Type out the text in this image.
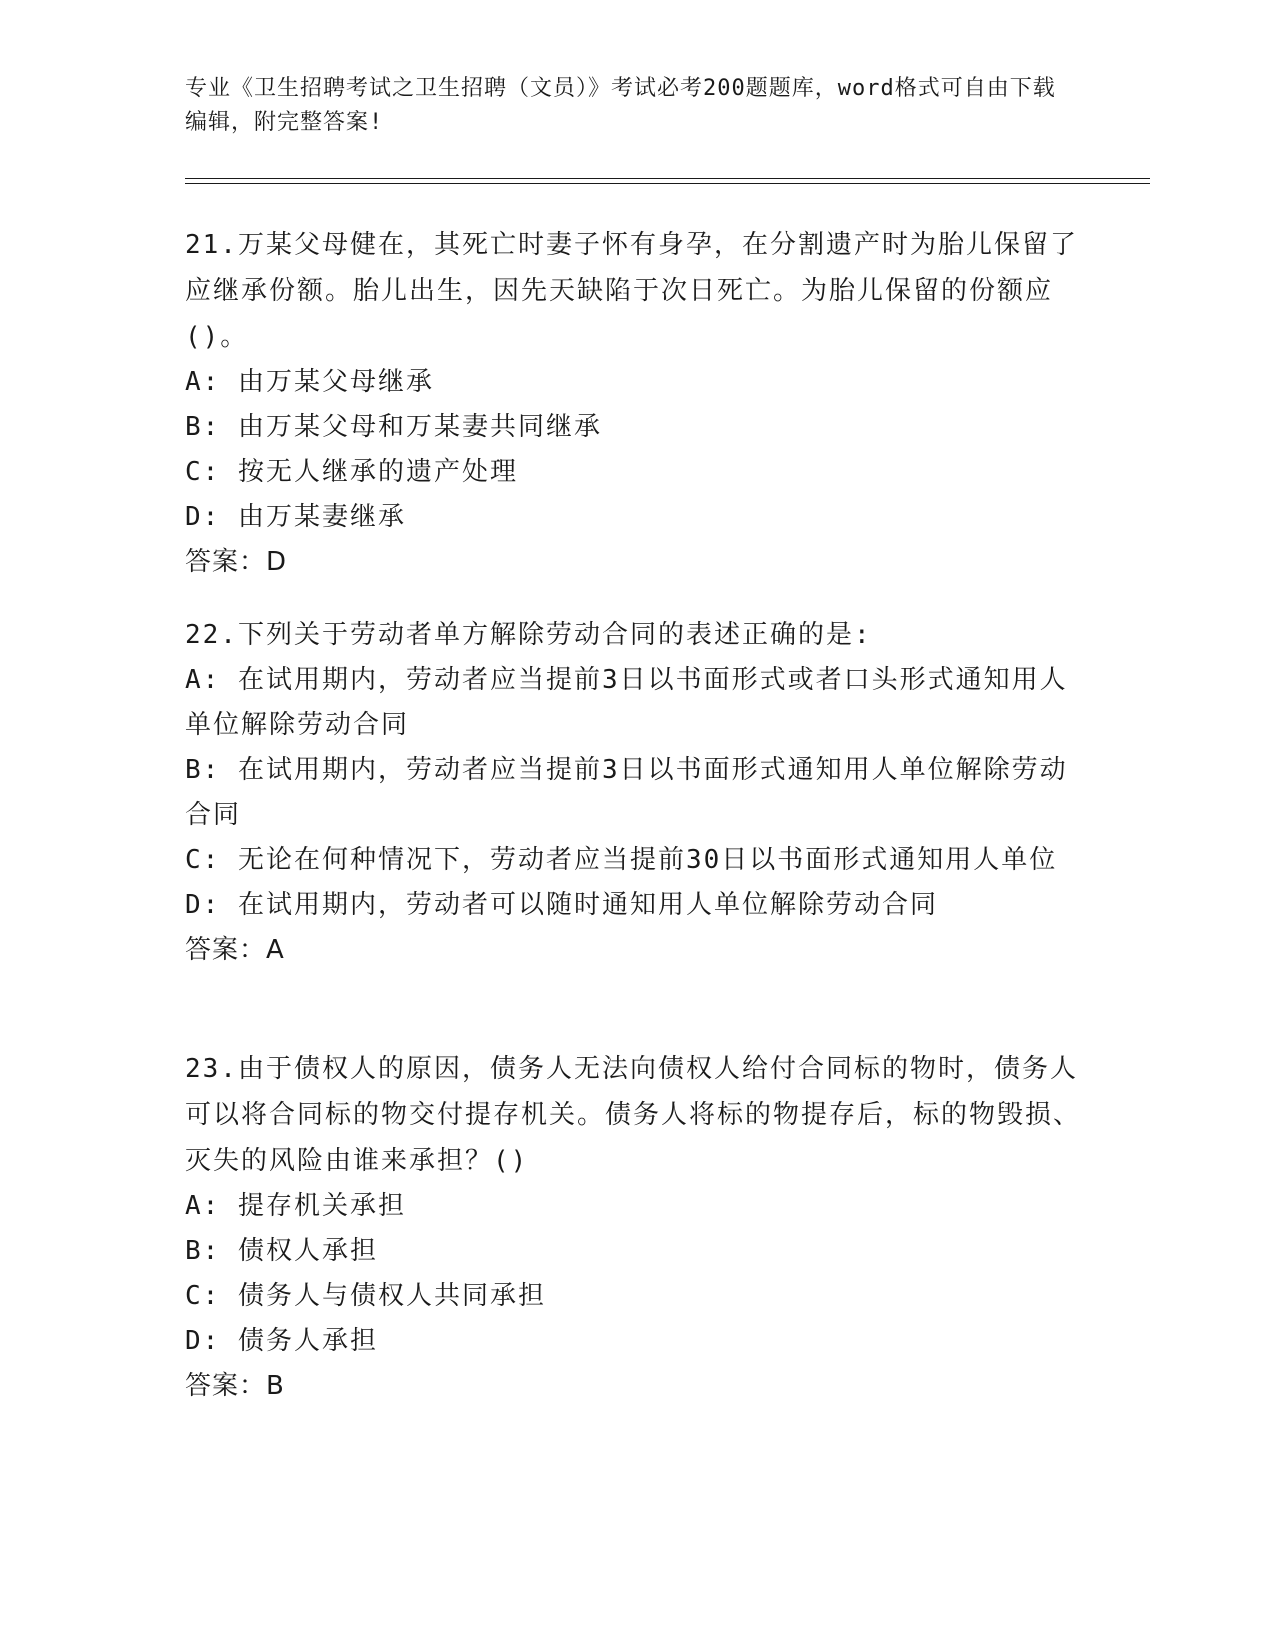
专业《卫生招聘考试之卫生招聘（文员）》考试必考200题题库，word格式可自由下载编辑，附完整答案!

21.万某父母健在，其死亡时妻子怀有身孕，在分割遗产时为胎儿保留了应继承份额。胎儿出生，因先天缺陷于次日死亡。为胎儿保留的份额应()。

A: 由万某父母继承

B: 由万某父母和万某妻共同继承

C: 按无人继承的遗产处理

D: 由万某妻继承

答案：D

22.下列关于劳动者单方解除劳动合同的表述正确的是:

A: 在试用期内，劳动者应当提前3日以书面形式或者口头形式通知用人单位解除劳动合同

B: 在试用期内，劳动者应当提前3日以书面形式通知用人单位解除劳动合同

C: 无论在何种情况下，劳动者应当提前30日以书面形式通知用人单位

D: 在试用期内，劳动者可以随时通知用人单位解除劳动合同

答案：A

23.由于债权人的原因，债务人无法向债权人给付合同标的物时，债务人可以将合同标的物交付提存机关。债务人将标的物提存后，标的物毁损、灭失的风险由谁来承担？()

A: 提存机关承担

B: 债权人承担

C: 债务人与债权人共同承担

D: 债务人承担

答案：B
